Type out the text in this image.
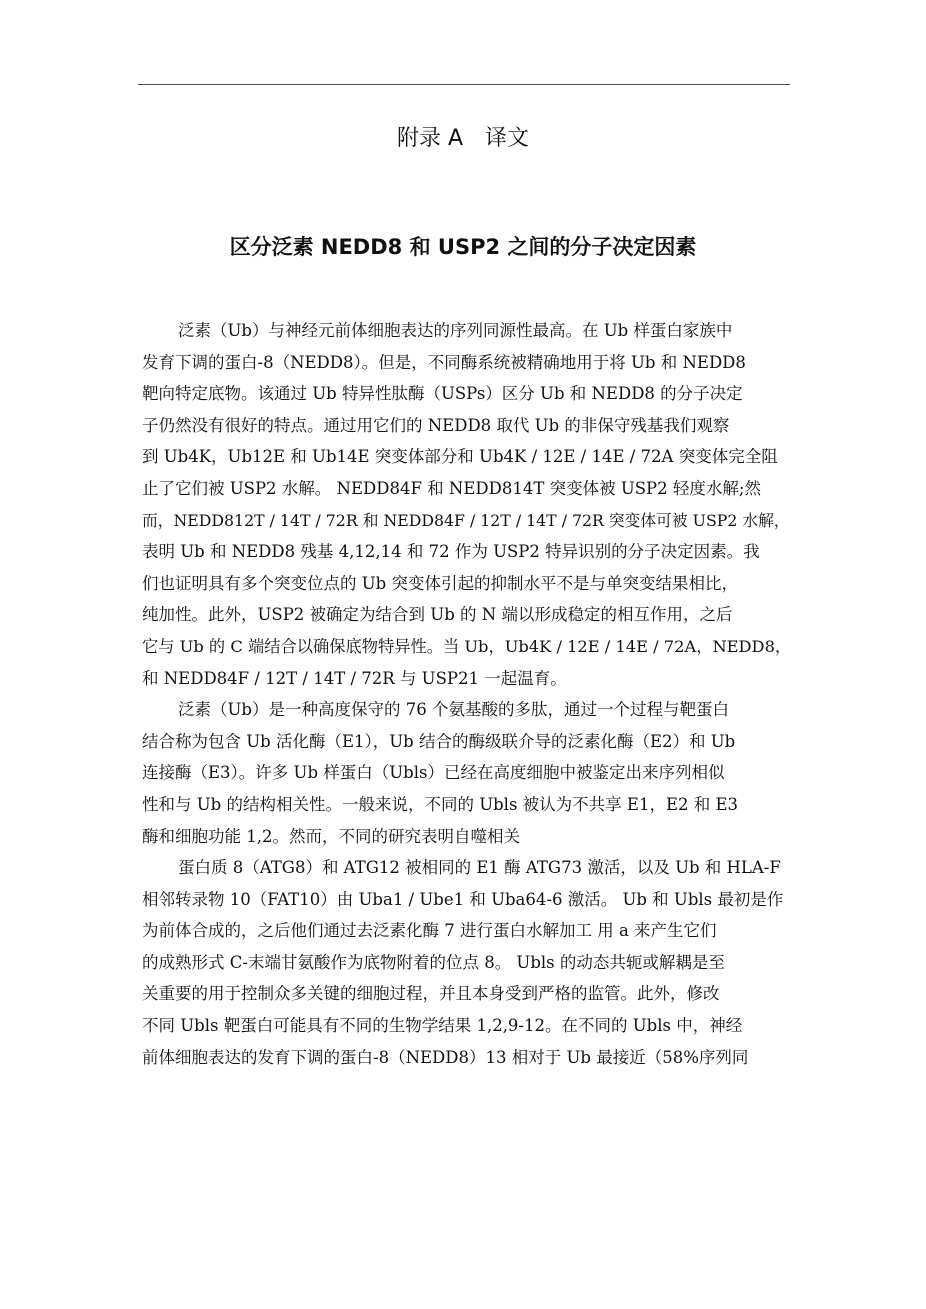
附录 A　译文
区分泛素 NEDD8 和 USP2 之间的分子决定因素
泛素（Ub）与神经元前体细胞表达的序列同源性最高。在 Ub 样蛋白家族中
发育下调的蛋白-8（NEDD8）。但是，不同酶系统被精确地用于将 Ub 和 NEDD8
靶向特定底物。该通过 Ub 特异性肽酶（USPs）区分 Ub 和 NEDD8 的分子决定
子仍然没有很好的特点。通过用它们的 NEDD8 取代 Ub 的非保守残基我们观察
到 Ub4K，Ub12E 和 Ub14E 突变体部分和 Ub4K / 12E / 14E / 72A 突变体完全阻
止了它们被 USP2 水解。 NEDD84F 和 NEDD814T 突变体被 USP2 轻度水解;然
而，NEDD812T / 14T / 72R 和 NEDD84F / 12T / 14T / 72R 突变体可被 USP2 水解，
表明 Ub 和 NEDD8 残基 4,12,14 和 72 作为 USP2 特异识别的分子决定因素。我
们也证明具有多个突变位点的 Ub 突变体引起的抑制水平不是与单突变结果相比，
纯加性。此外，USP2 被确定为结合到 Ub 的 N 端以形成稳定的相互作用，之后
它与 Ub 的 C 端结合以确保底物特异性。当 Ub，Ub4K / 12E / 14E / 72A，NEDD8，
和 NEDD84F / 12T / 14T / 72R 与 USP21 一起温育。
泛素（Ub）是一种高度保守的 76 个氨基酸的多肽，通过一个过程与靶蛋白
结合称为包含 Ub 活化酶（E1），Ub 结合的酶级联介导的泛素化酶（E2）和 Ub
连接酶（E3）。许多 Ub 样蛋白（Ubls）已经在高度细胞中被鉴定出来序列相似
性和与 Ub 的结构相关性。一般来说，不同的 Ubls 被认为不共享 E1，E2 和 E3
酶和细胞功能 1,2。然而，不同的研究表明自噬相关
蛋白质 8（ATG8）和 ATG12 被相同的 E1 酶 ATG73 激活，以及 Ub 和 HLA-F
相邻转录物 10（FAT10）由 Uba1 / Ube1 和 Uba64-6 激活。 Ub 和 Ubls 最初是作
为前体合成的，之后他们通过去泛素化酶 7 进行蛋白水解加工 用 a 来产生它们
的成熟形式 C-末端甘氨酸作为底物附着的位点 8。 Ubls 的动态共轭或解耦是至
关重要的用于控制众多关键的细胞过程，并且本身受到严格的监管。此外，修改
不同 Ubls 靶蛋白可能具有不同的生物学结果 1,2,9-12。在不同的 Ubls 中，神经
前体细胞表达的发育下调的蛋白-8（NEDD8）13 相对于 Ub 最接近（58%序列同
